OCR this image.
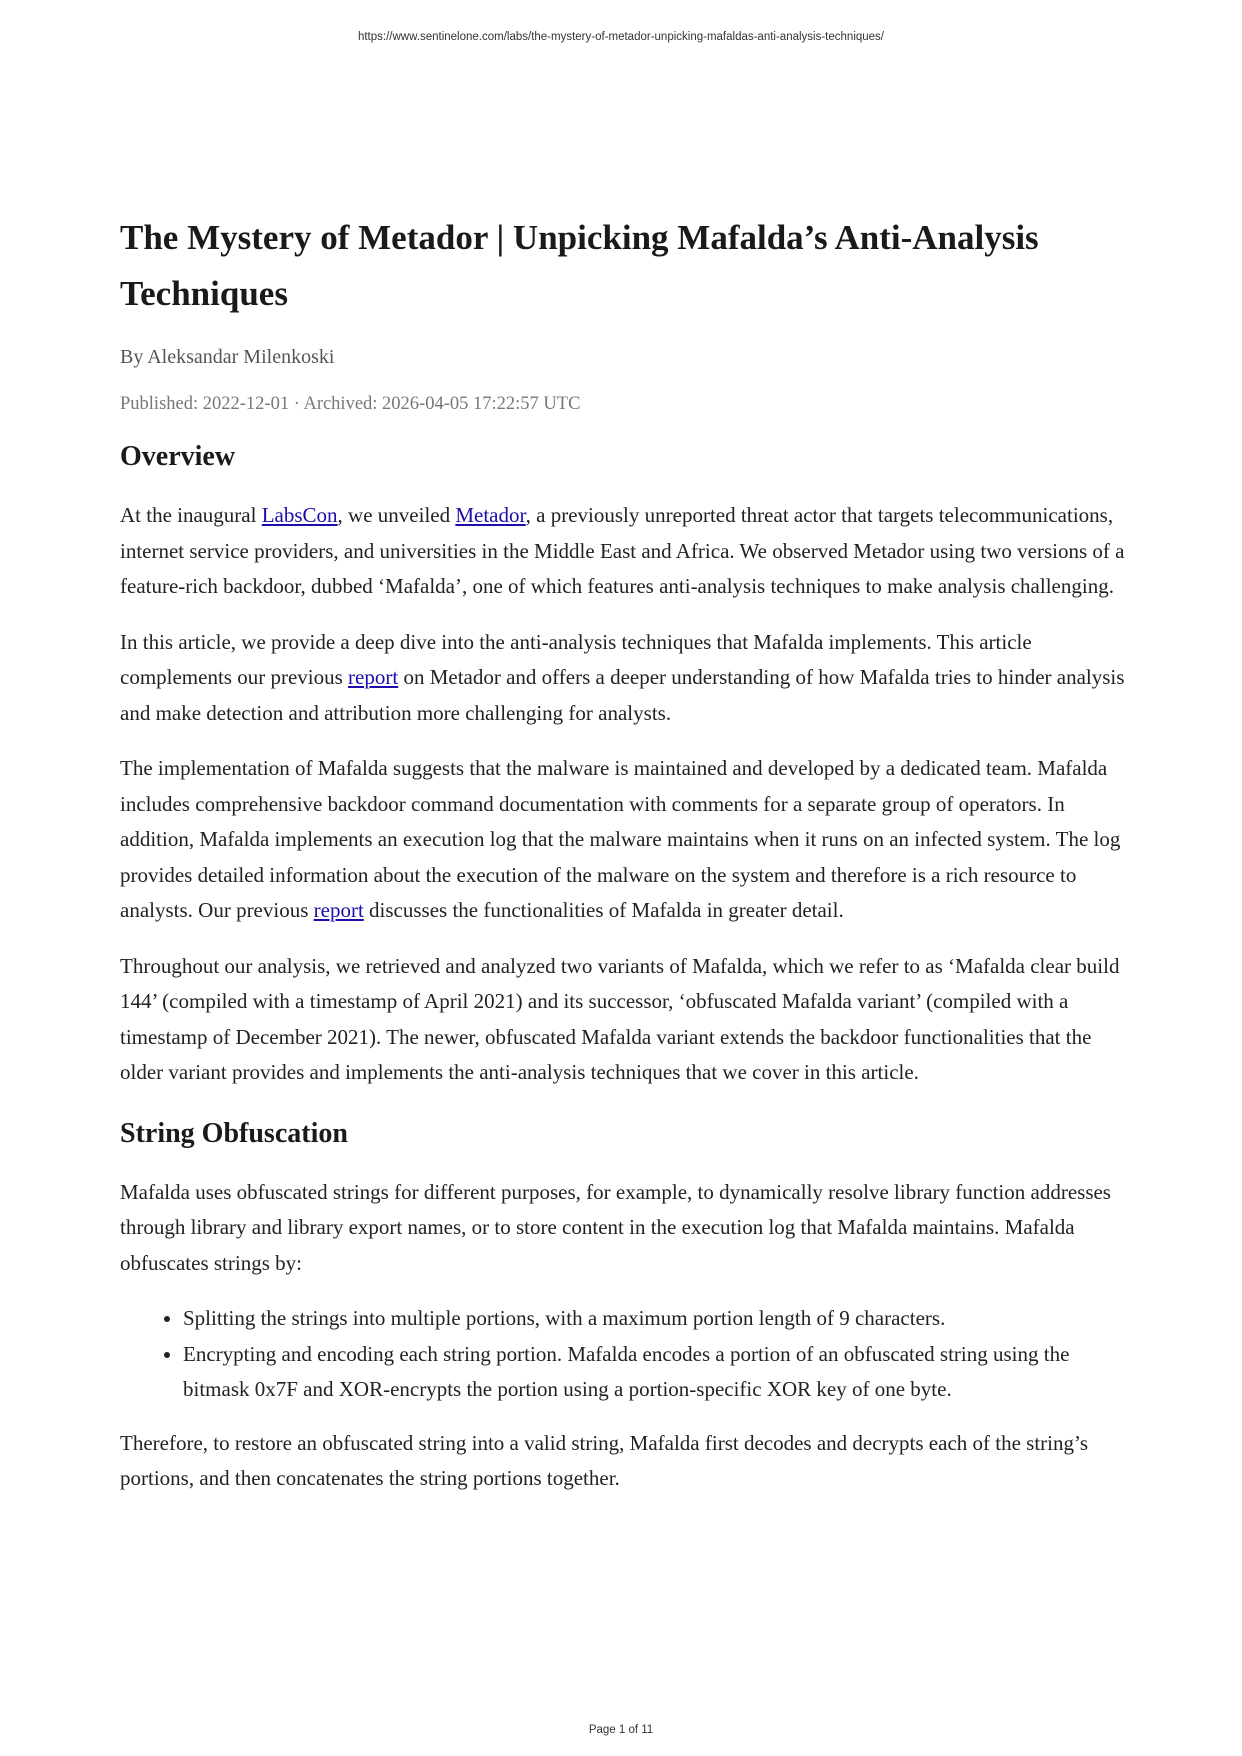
https://www.sentinelone.com/labs/the-mystery-of-metador-unpicking-mafaldas-anti-analysis-techniques/
The Mystery of Metador | Unpicking Mafalda’s Anti-Analysis Techniques
By Aleksandar Milenkoski
Published: 2022-12-01 · Archived: 2026-04-05 17:22:57 UTC
Overview

At the inaugural LabsCon, we unveiled Metador, a previously unreported threat actor that targets telecommunications, internet service providers, and universities in the Middle East and Africa. We observed Metador using two versions of a feature-rich backdoor, dubbed ‘Mafalda’, one of which features anti-analysis techniques to make analysis challenging.

In this article, we provide a deep dive into the anti-analysis techniques that Mafalda implements. This article complements our previous report on Metador and offers a deeper understanding of how Mafalda tries to hinder analysis and make detection and attribution more challenging for analysts.

The implementation of Mafalda suggests that the malware is maintained and developed by a dedicated team. Mafalda includes comprehensive backdoor command documentation with comments for a separate group of operators. In addition, Mafalda implements an execution log that the malware maintains when it runs on an infected system. The log provides detailed information about the execution of the malware on the system and therefore is a rich resource to analysts. Our previous report discusses the functionalities of Mafalda in greater detail.

Throughout our analysis, we retrieved and analyzed two variants of Mafalda, which we refer to as ‘Mafalda clear build 144’ (compiled with a timestamp of April 2021) and its successor, ‘obfuscated Mafalda variant’ (compiled with a timestamp of December 2021). The newer, obfuscated Mafalda variant extends the backdoor functionalities that the older variant provides and implements the anti-analysis techniques that we cover in this article.

String Obfuscation

Mafalda uses obfuscated strings for different purposes, for example, to dynamically resolve library function addresses through library and library export names, or to store content in the execution log that Mafalda maintains. Mafalda obfuscates strings by:

• Splitting the strings into multiple portions, with a maximum portion length of 9 characters.
• Encrypting and encoding each string portion. Mafalda encodes a portion of an obfuscated string using the bitmask 0x7F and XOR-encrypts the portion using a portion-specific XOR key of one byte.

Therefore, to restore an obfuscated string into a valid string, Mafalda first decodes and decrypts each of the string’s portions, and then concatenates the string portions together.

Page 1 of 11
